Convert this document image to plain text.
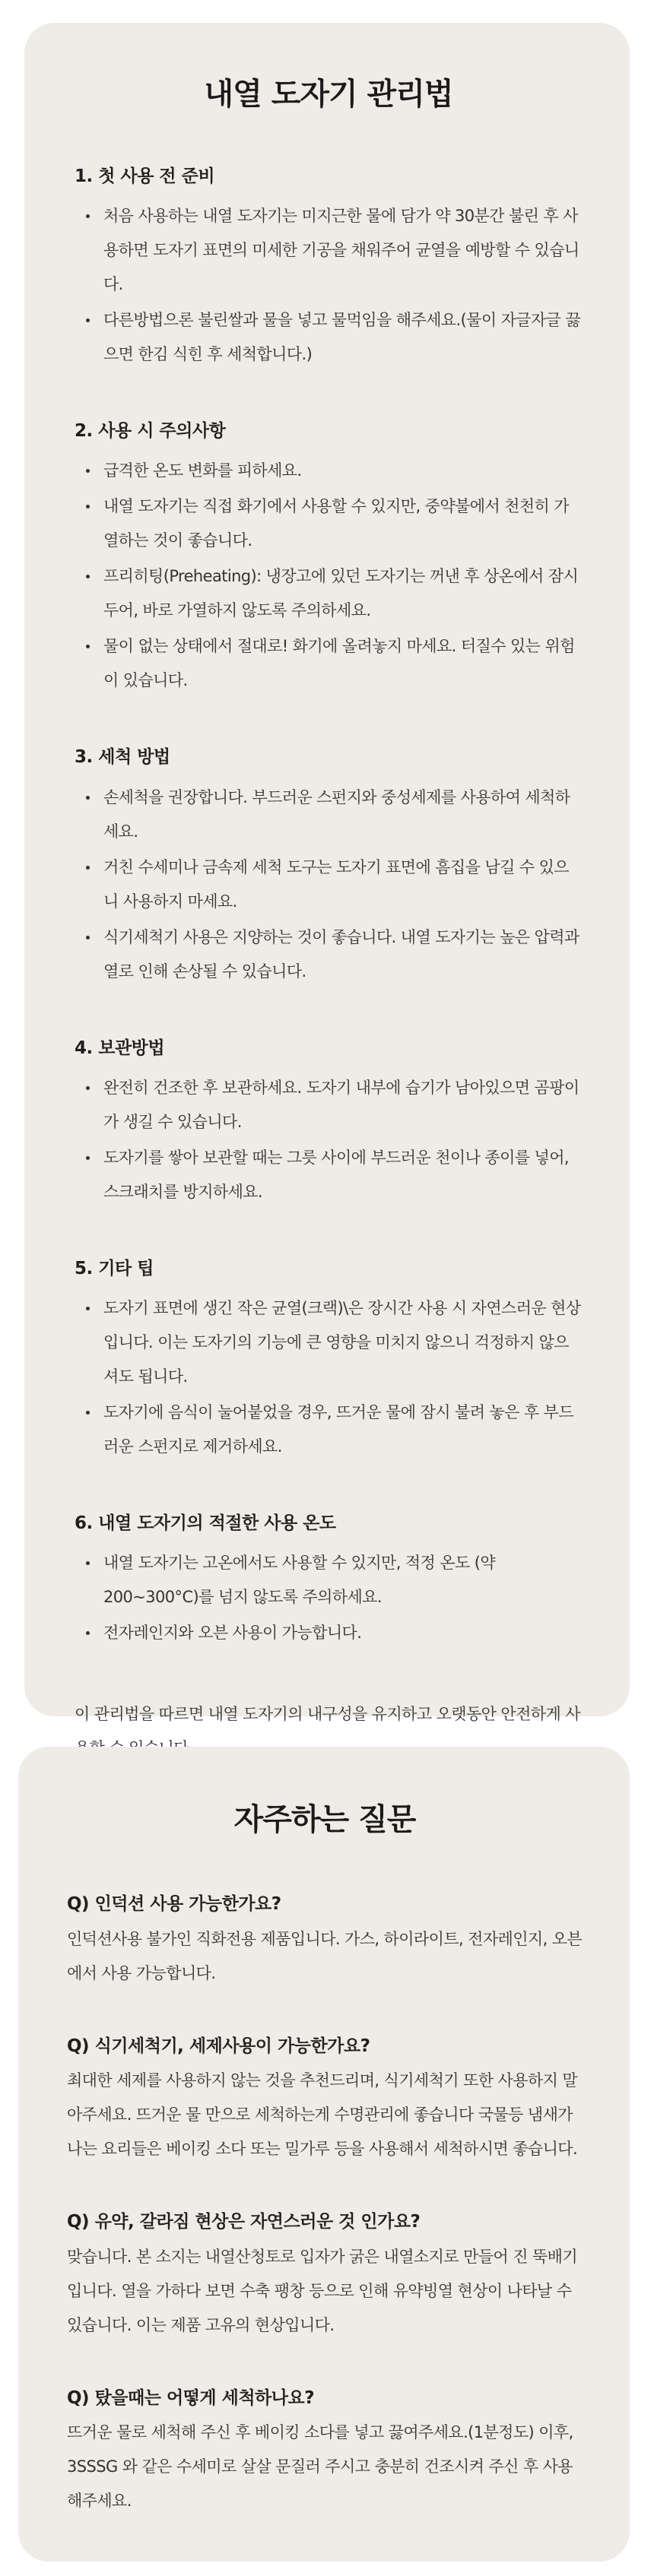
내열 도자기 관리법
1. 첫 사용 전 준비
처음 사용하는 내열 도자기는 미지근한 물에 담가 약 30분간 불린 후 사용하면 도자기 표면의 미세한 기공을 채워주어 균열을 예방할 수 있습니다.
다른방법으론 불린쌀과 물을 넣고 물먹임을 해주세요.(물이 자글자글 끓으면 한김 식힌 후 세척합니다.)
2. 사용 시 주의사항
급격한 온도 변화를 피하세요.
내열 도자기는 직접 화기에서 사용할 수 있지만, 중약불에서 천천히 가열하는 것이 좋습니다.
프리히팅(Preheating): 냉장고에 있던 도자기는 꺼낸 후 상온에서 잠시 두어, 바로 가열하지 않도록 주의하세요.
물이 없는 상태에서 절대로! 화기에 올려놓지 마세요. 터질수 있는 위험이 있습니다.
3. 세척 방법
손세척을 권장합니다. 부드러운 스펀지와 중성세제를 사용하여 세척하세요.
거친 수세미나 금속제 세척 도구는 도자기 표면에 흠집을 남길 수 있으니 사용하지 마세요.
식기세척기 사용은 지양하는 것이 좋습니다. 내열 도자기는 높은 압력과 열로 인해 손상될 수 있습니다.
4. 보관방법
완전히 건조한 후 보관하세요. 도자기 내부에 습기가 남아있으면 곰팡이가 생길 수 있습니다.
도자기를 쌓아 보관할 때는 그릇 사이에 부드러운 천이나 종이를 넣어, 스크래치를 방지하세요.
5. 기타 팁
도자기 표면에 생긴 작은 균열(크랙)\은 장시간 사용 시 자연스러운 현상입니다. 이는 도자기의 기능에 큰 영향을 미치지 않으니 걱정하지 않으셔도 됩니다.
도자기에 음식이 눌어붙었을 경우, 뜨거운 물에 잠시 불려 놓은 후 부드러운 스펀지로 제거하세요.
6. 내열 도자기의 적절한 사용 온도
내열 도자기는 고온에서도 사용할 수 있지만, 적정 온도 (약 200~300°C)를 넘지 않도록 주의하세요.
전자레인지와 오븐 사용이 가능합니다.

이 관리법을 따르면 내열 도자기의 내구성을 유지하고 오랫동안 안전하게 사

자주하는 질문
Q) 인덕션 사용 가능한가요?

인덕션사용 불가인 직화전용 제품입니다. 가스, 하이라이트, 전자레인지, 오븐에서 사용 가능합니다.

Q) 식기세척기, 세제사용이 가능한가요?

최대한 세제를 사용하지 않는 것을 추천드리며, 식기세척기 또한 사용하지 말아주세요. 뜨거운 물 만으로 세척하는게 수명관리에 좋습니다 국물등 냄새가 나는 요리들은 베이킹 소다 또는 밀가루 등을 사용해서 세척하시면 좋습니다.

Q) 유약, 갈라짐 현상은 자연스러운 것 인가요?

맞습니다. 본 소지는 내열산청토로 입자가 굵은 내열소지로 만들어 진 뚝배기 입니다. 열을 가하다 보면 수축 팽창 등으로 인해 유약빙열 현상이 나타날 수 있습니다. 이는 제품 고유의 현상입니다.

Q) 탔을때는 어떻게 세척하나요?

뜨거운 물로 세척해 주신 후 베이킹 소다를 넣고 끓여주세요.(1분정도) 이후, 3SSSG 와 같은 수세미로 살살 문질러 주시고 충분히 건조시켜 주신 후 사용해주세요.
